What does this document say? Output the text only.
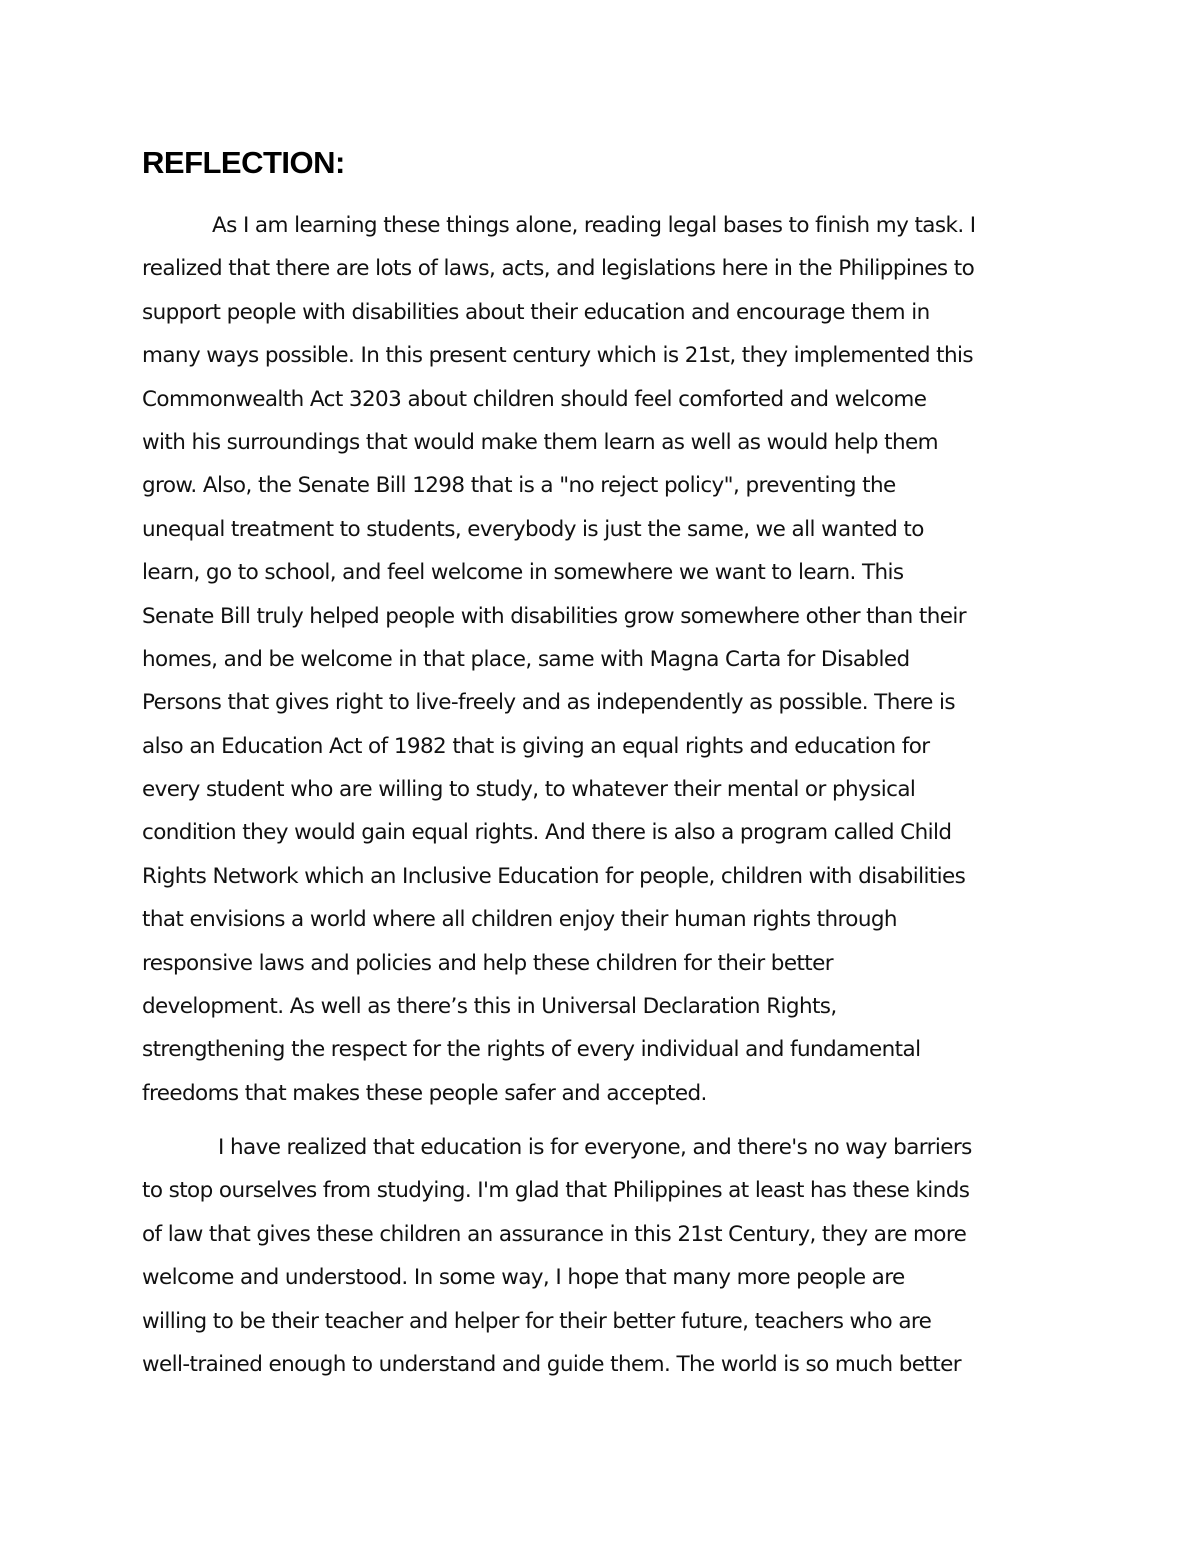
REFLECTION:

As I am learning these things alone, reading legal bases to finish my task. I
realized that there are lots of laws, acts, and legislations here in the Philippines to
support people with disabilities about their education and encourage them in
many ways possible. In this present century which is 21st, they implemented this
Commonwealth Act 3203 about children should feel comforted and welcome
with his surroundings that would make them learn as well as would help them
grow. Also, the Senate Bill 1298 that is a "no reject policy", preventing the
unequal treatment to students, everybody is just the same, we all wanted to
learn, go to school, and feel welcome in somewhere we want to learn. This
Senate Bill truly helped people with disabilities grow somewhere other than their
homes, and be welcome in that place, same with Magna Carta for Disabled
Persons that gives right to live-freely and as independently as possible. There is
also an Education Act of 1982 that is giving an equal rights and education for
every student who are willing to study, to whatever their mental or physical
condition they would gain equal rights. And there is also a program called Child
Rights Network which an Inclusive Education for people, children with disabilities
that envisions a world where all children enjoy their human rights through
responsive laws and policies and help these children for their better
development. As well as there’s this in Universal Declaration Rights,
strengthening the respect for the rights of every individual and fundamental
freedoms that makes these people safer and accepted.

I have realized that education is for everyone, and there's no way barriers
to stop ourselves from studying. I'm glad that Philippines at least has these kinds
of law that gives these children an assurance in this 21st Century, they are more
welcome and understood. In some way, I hope that many more people are
willing to be their teacher and helper for their better future, teachers who are
well-trained enough to understand and guide them. The world is so much better
